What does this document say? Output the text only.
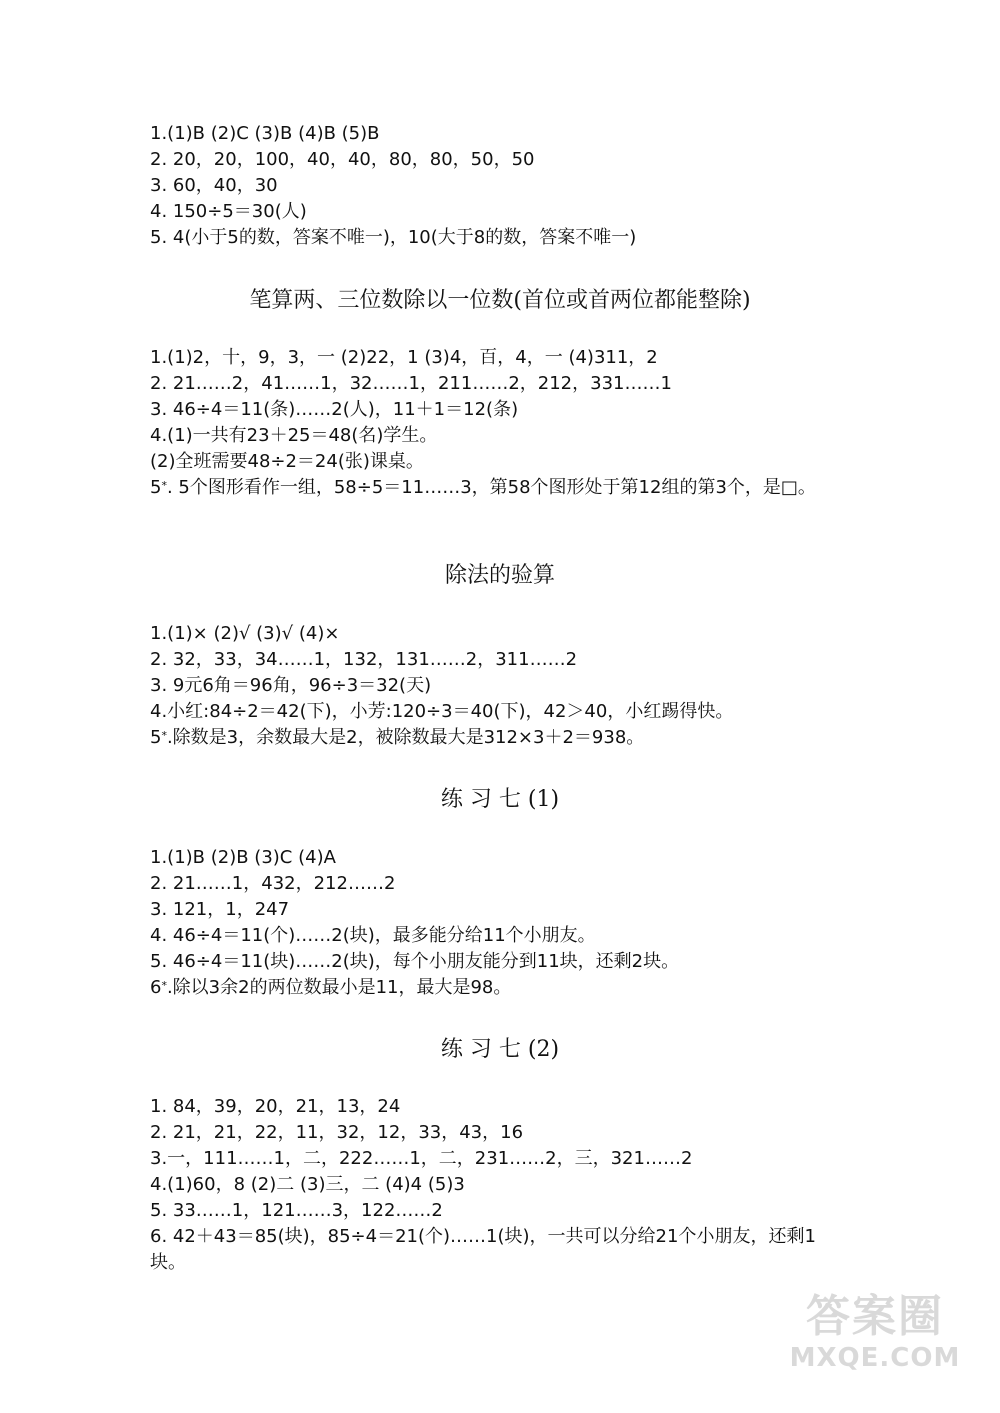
1.(1)B (2)C (3)B (4)B (5)B
2. 20，20，100，40，40，80，80，50，50
3. 60，40，30
4. 150÷5＝30(人)
5. 4(小于5的数，答案不唯一)，10(大于8的数，答案不唯一)
笔算两、三位数除以一位数(首位或首两位都能整除)
1.(1)2，十，9，3，一 (2)22，1 (3)4，百，4，一 (4)311，2
2. 21……2，41……1，32……1，211……2，212，331……1
3. 46÷4＝11(条)……2(人)，11＋1＝12(条)
4.(1)一共有23＋25＝48(名)学生。
(2)全班需要48÷2＝24(张)课桌。
5*. 5个图形看作一组，58÷5＝11……3，第58个图形处于第12组的第3个，是□。
除法的验算
1.(1)× (2)√ (3)√ (4)×
2. 32，33，34……1，132，131……2，311……2
3. 9元6角＝96角，96÷3＝32(天)
4.小红:84÷2＝42(下)，小芳:120÷3＝40(下)，42＞40，小红踢得快。
5*.除数是3，余数最大是2，被除数最大是312×3＋2＝938。
练 习 七 (1)
1.(1)B (2)B (3)C (4)A
2. 21……1，432，212……2
3. 121，1，247
4. 46÷4＝11(个)……2(块)，最多能分给11个小朋友。
5. 46÷4＝11(块)……2(块)，每个小朋友能分到11块，还剩2块。
6*.除以3余2的两位数最小是11，最大是98。
练 习 七 (2)
1. 84，39，20，21，13，24
2. 21，21，22，11，32，12，33，43，16
3.一，111……1，二，222……1，二，231……2，三，321……2
4.(1)60，8 (2)二 (3)三，二 (4)4 (5)3
5. 33……1，121……3，122……2
6. 42＋43＝85(块)，85÷4＝21(个)……1(块)，一共可以分给21个小朋友，还剩1块。
答案圈
MXQE.COM
